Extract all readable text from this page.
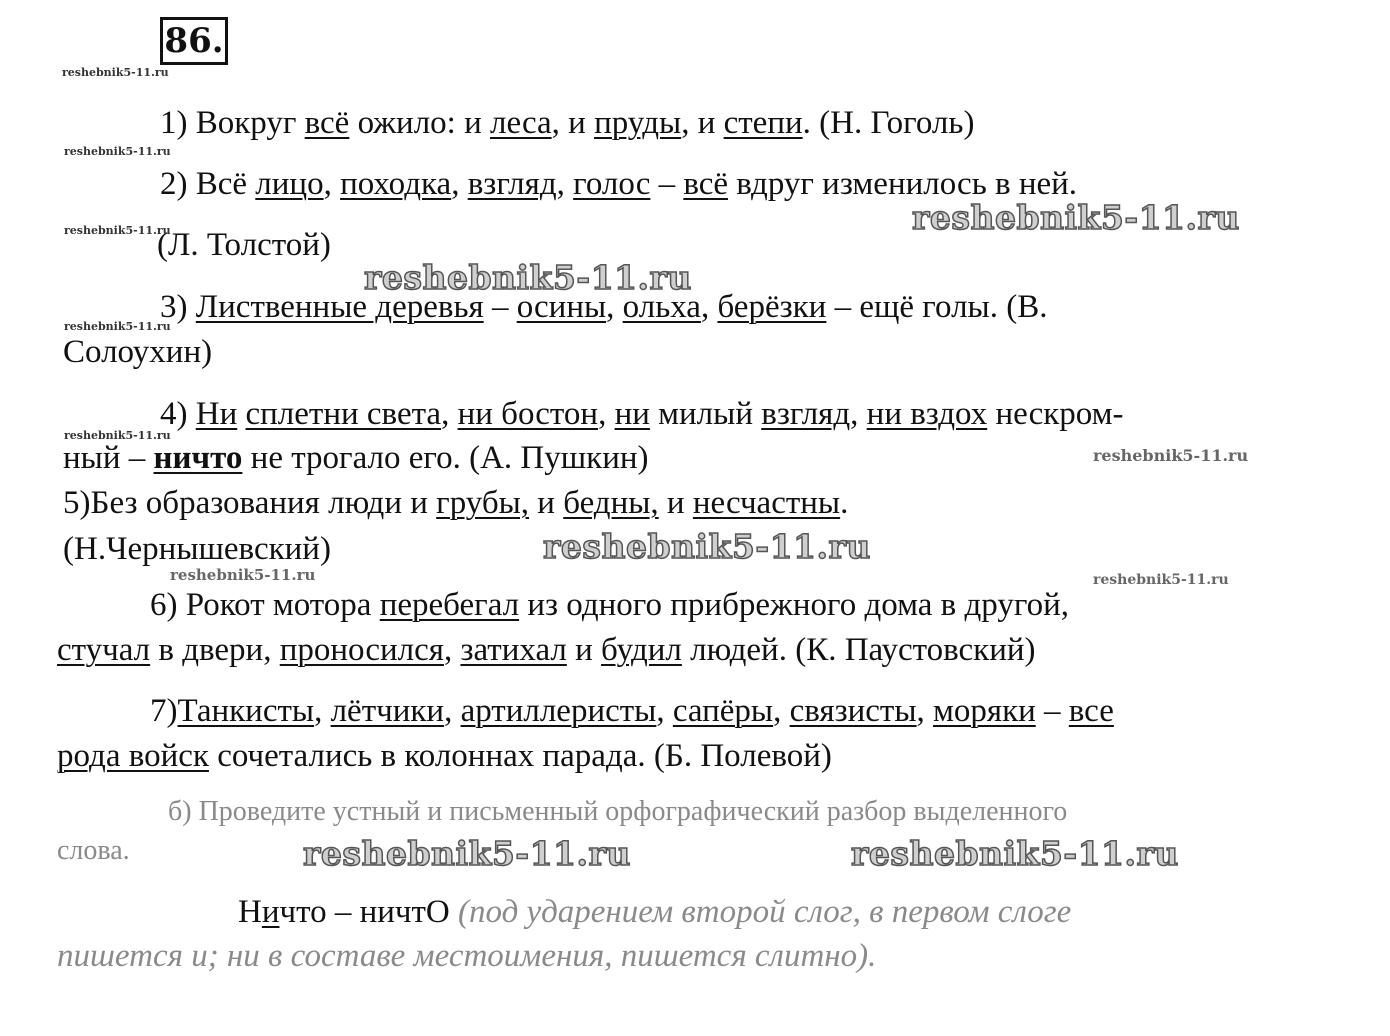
86.
reshebnik5-11.ru
reshebnik5-11.ru
reshebnik5-11.ru
reshebnik5-11.ru
reshebnik5-11.ru
reshebnik5-11.ru
reshebnik5-11.ru	reshebnik5-11.ru
reshebnik5-11.ru
reshebnik5-11.ru
reshebnik5-11.ru
reshebnik5-11.ru	reshebnik5-11.ru
1) Вокруг всё ожило: и леса, и пруды, и степи. (Н. Гоголь)
2) Всё лицо, походка, взгляд, голос – всё вдруг изменилось в ней.
(Л. Толстой)
3) Лиственные деревья – осины, ольха, берёзки – ещё голы. (В.
Солоухин)
4) Ни сплетни света, ни бостон, ни милый взгляд, ни вздох нескром-
ный – ничто не трогало его. (А. Пушкин)
5)Без образования люди и грубы, и бедны, и несчастны.
(Н.Чернышевский)
6) Рокот мотора перебегал из одного прибрежного дома в другой,
стучал в двери, проносился, затихал и будил людей. (К. Паустовский)
7)Танкисты, лётчики, артиллеристы, сапёры, связисты, моряки – все
рода войск сочетались в колоннах парада. (Б. Полевой)
б) Проведите устный и письменный орфографический разбор выделенного
слова.
Ничто – ничтО (под ударением второй слог, в первом слоге
пишется и; ни в составе местоимения, пишется слитно).
